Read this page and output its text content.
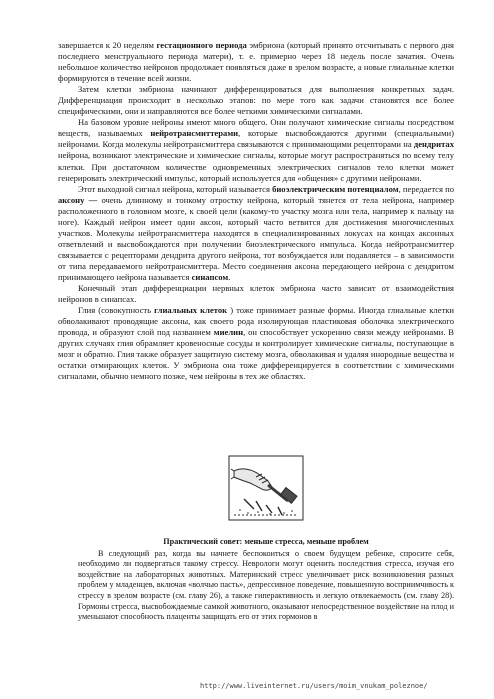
завершается к 20 неделям гестационного периода эмбриона (который принято отсчитывать с первого дня последнего менструального периода матери), т. е. примерно через 18 недель после зачатия. Очень небольшое количество нейронов продолжает появляться даже в зрелом возрасте, а новые глиальные клетки формируются в течение всей жизни.

Затем клетки эмбриона начинают дифференцироваться для выполнения конкретных задач. Дифференциация происходит в несколько этапов: по мере того как задачи становятся все более специфическими, они и направляются все более четкими химическими сигналами.

На базовом уровне нейроны имеют много общего. Они получают химические сигналы посредством веществ, называемых нейротрансмиттерами, которые высвобождаются другими (специальными) нейронами. Когда молекулы нейротрансмиттера связываются с принимающими рецепторами на дендритах нейрона, возникают электрические и химические сигналы, которые могут распространяться по всему телу клетки. При достаточном количестве одновременных электрических сигналов тело клетки может генерировать электрический импульс, который используется для «общения» с другими нейронами.

Этот выходной сигнал нейрона, который называется биоэлектрическим потенциалом, передается по аксону — очень длинному и тонкому отростку нейрона, который тянется от тела нейрона, например расположенного в головном мозге, к своей цели (какому-то участку мозга или тела, например к пальцу на ноге). Каждый нейрон имеет один аксон, который часто ветвится для достижения многочисленных участков. Молекулы нейротрансмиттера находятся в специализированных локусах на концах аксонных ответвлений и высвобождаются при получении биоэлектрического импульса. Когда нейротрансмиттер связывается с рецепторами дендрита другого нейрона, тот возбуждается или подавляется – в зависимости от типа передаваемого нейротрансмиттера. Место соединения аксона передающего нейрона с дендритом принимающего нейрона называется синапсом.

Конечный этап дифференциации нервных клеток эмбриона часто зависит от взаимодействия нейронов в синапсах.

Глия (совокупность глиальных клеток ) тоже принимает разные формы. Иногда глиальные клетки обволакивают проводящие аксоны, как своего рода изолирующая пластиковая оболочка электрического провода, и образуют слой под названием миелин, он способствует ускорению связи между нейронами. В других случаях глия обрамляет кровеносные сосуды и контролирует химические сигналы, поступающие в мозг и обратно. Глия также образует защитную систему мозга, обволакивая и удаляя инородные вещества и остатки отмирающих клеток. У эмбриона она тоже дифференцируется в соответствии с химическими сигналами, обычно немного позже, чем нейроны в тех же областях.

Практический совет: меньше стресса, меньше проблем

В следующий раз, когда вы начнете беспокоиться о своем будущем ребенке, спросите себя, необходимо ли подвергаться такому стрессу. Неврологи могут оценить последствия стресса, изучая его воздействие на лабораторных животных. Материнский стресс увеличивает риск возникновения разных проблем у младенцев, включая «волчью пасть», депрессивное поведение, повышенную восприимчивость к стрессу в зрелом возрасте (см. главу 26), а также гиперактивность и легкую отвлекаемость (см. главу 28). Гормоны стресса, высвобождаемые самкой животного, оказывают непосредственное воздействие на плод и уменьшают способность плаценты защищать его от этих гормонов в

http://www.liveinternet.ru/users/moim_vnukam_poleznoe/
